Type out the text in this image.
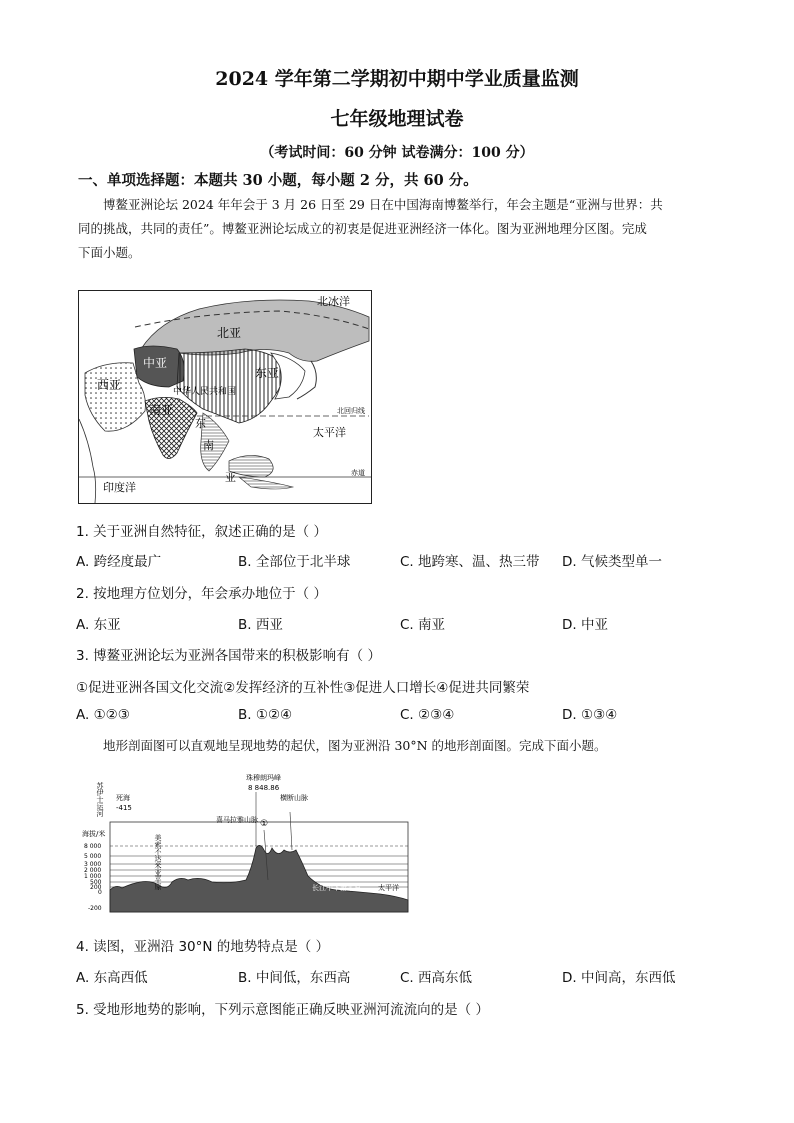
2024 学年第二学期初中期中学业质量监测
七年级地理试卷
（考试时间：60 分钟 试卷满分：100 分）
一、单项选择题：本题共 30 小题，每小题 2 分，共 60 分。
博鳌亚洲论坛 2024 年年会于 3 月 26 日至 29 日在中国海南博鳌举行，年会主题是“亚洲与世界：共
同的挑战，共同的责任”。博鳌亚洲论坛成立的初衷是促进亚洲经济一体化。图为亚洲地理分区图。完成
下面小题。
北冰洋
北亚
中亚
西亚
东亚
中华人民共和国
南亚
东
南
亚
北回归线
太平洋
印度洋
赤道
1. 关于亚洲自然特征，叙述正确的是（ ）
A. 跨经度最广	B. 全部位于北半球	C. 地跨寒、温、热三带 D. 气候类型单一
2. 按地理方位划分，年会承办地位于（ ）
A. 东亚	B. 西亚	C. 南亚	D. 中亚
3. 博鳌亚洲论坛为亚洲各国带来的积极影响有（ ）
①促进亚洲各国文化交流②发挥经济的互补性③促进人口增长④促进共同繁荣
A. ①②③	B. ①②④	C. ②③④	D. ①③④
地形剖面图可以直观地呈现地势的起伏，图为亚洲沿 30°N 的地形剖面图。完成下面小题。
8 000
5 000
3 000
2 000
1 000
500
200
0
-200
海拔/米
苏伊士运河 死海
-415
美索不达米亚平原
珠穆朗玛峰
8 848.86
喜马拉雅山脉
横断山脉
①
长江中下游平原 太平洋
4. 读图，亚洲沿 30°N 的地势特点是（ ）
A. 东高西低	B. 中间低，东西高	C. 西高东低	D. 中间高，东西低
5. 受地形地势的影响，下列示意图能正确反映亚洲河流流向的是（ ）
